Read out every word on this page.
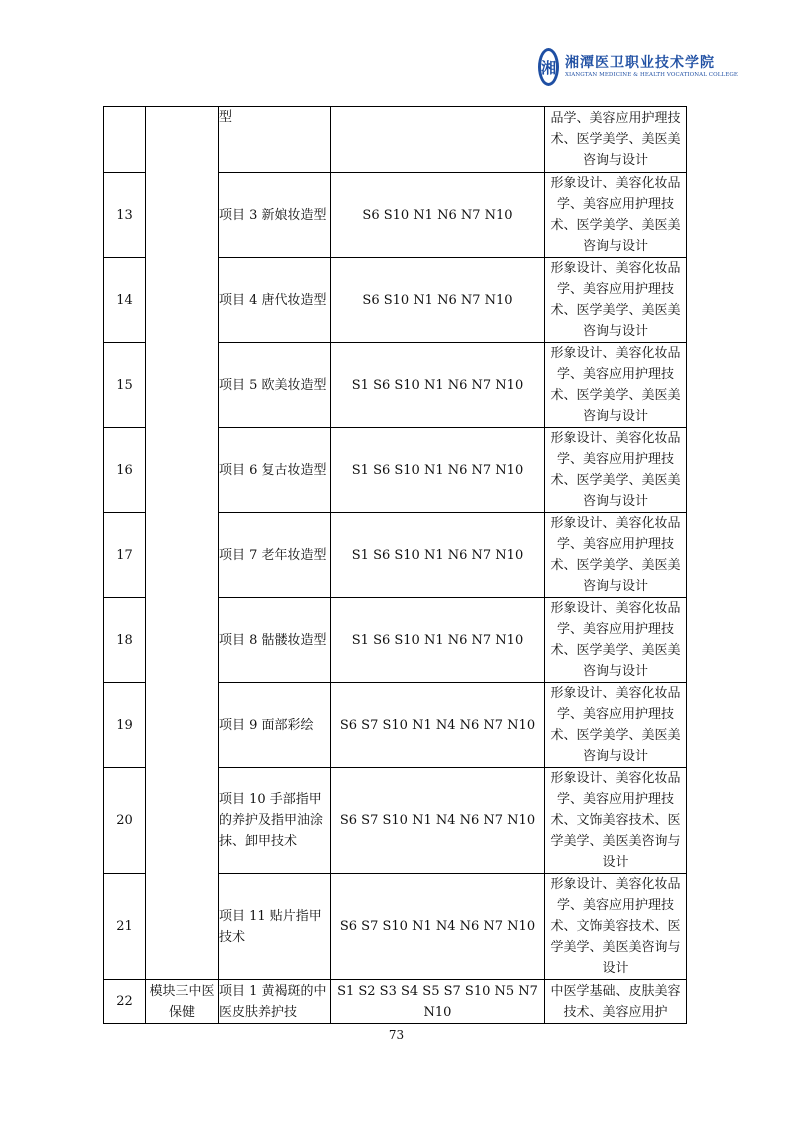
湘 湘潭医卫职业技术学院
XIANGTAN MEDICINE & HEALTH VOCATIONAL COLLEGE
		型		品学、美容应用护理技术、医学美学、美医美咨询与设计
13		项目 3 新娘妆造型	S6 S10 N1 N6 N7 N10	形象设计、美容化妆品学、美容应用护理技术、医学美学、美医美咨询与设计
14		项目 4 唐代妆造型	S6 S10 N1 N6 N7 N10	形象设计、美容化妆品学、美容应用护理技术、医学美学、美医美咨询与设计
15		项目 5 欧美妆造型	S1 S6 S10 N1 N6 N7 N10	形象设计、美容化妆品学、美容应用护理技术、医学美学、美医美咨询与设计
16		项目 6 复古妆造型	S1 S6 S10 N1 N6 N7 N10	形象设计、美容化妆品学、美容应用护理技术、医学美学、美医美咨询与设计
17		项目 7 老年妆造型	S1 S6 S10 N1 N6 N7 N10	形象设计、美容化妆品学、美容应用护理技术、医学美学、美医美咨询与设计
18		项目 8 骷髅妆造型	S1 S6 S10 N1 N6 N7 N10	形象设计、美容化妆品学、美容应用护理技术、医学美学、美医美咨询与设计
19		项目 9 面部彩绘	S6 S7 S10 N1 N4 N6 N7 N10	形象设计、美容化妆品学、美容应用护理技术、医学美学、美医美咨询与设计
20		项目 10 手部指甲的养护及指甲油涂抹、卸甲技术	S6 S7 S10 N1 N4 N6 N7 N10	形象设计、美容化妆品学、美容应用护理技术、文饰美容技术、医学美学、美医美咨询与设计
21		项目 11 贴片指甲技术	S6 S7 S10 N1 N4 N6 N7 N10	形象设计、美容化妆品学、美容应用护理技术、文饰美容技术、医学美学、美医美咨询与设计
22	模块三中医保健	项目 1 黄褐斑的中医皮肤养护技	S1 S2 S3 S4 S5 S7 S10 N5 N7 N10	中医学基础、皮肤美容技术、美容应用护
73
